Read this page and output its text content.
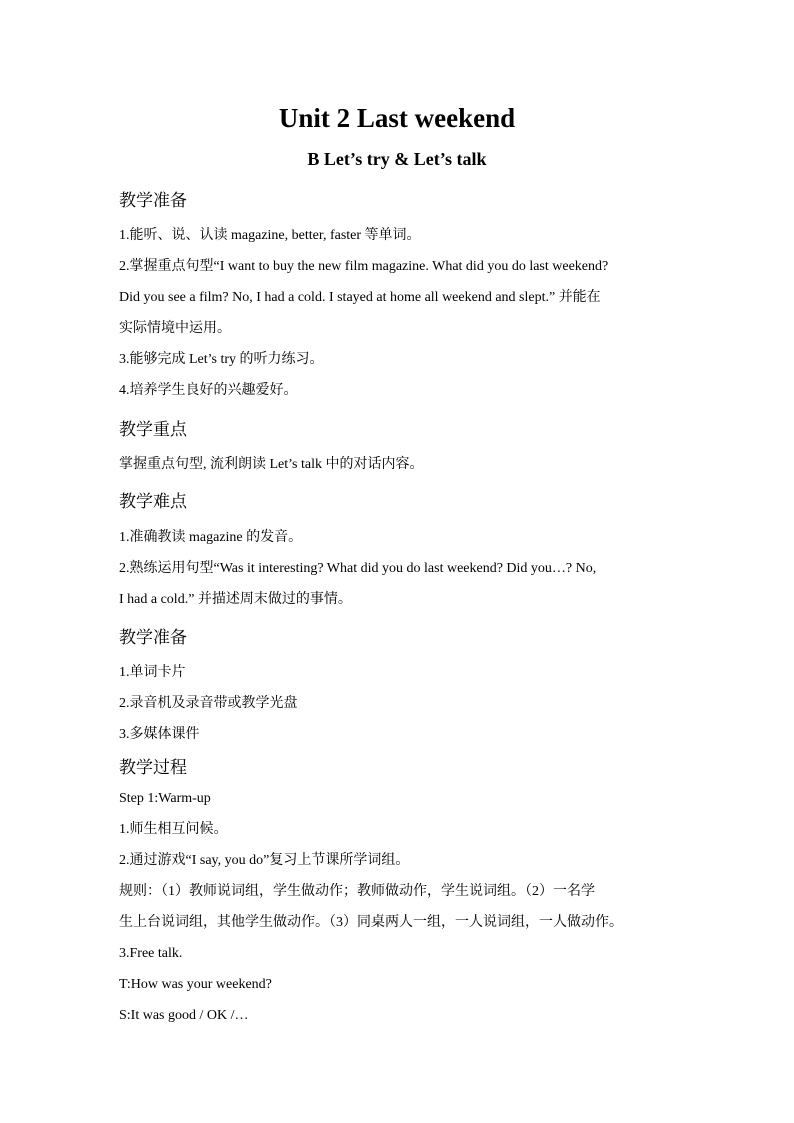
Unit 2 Last weekend
B Let’s try & Let’s talk
教学准备
1.能听、说、认读 magazine, better, faster 等单词。
2.掌握重点句型“I want to buy the new film magazine. What did you do last weekend?
Did you see a film? No, I had a cold. I stayed at home all weekend and slept.” 并能在
实际情境中运用。
3.能够完成 Let’s try 的听力练习。
4.培养学生良好的兴趣爱好。
教学重点
掌握重点句型, 流利朗读 Let’s talk 中的对话内容。
教学难点
1.准确教读 magazine 的发音。
2.熟练运用句型“Was it interesting? What did you do last weekend? Did you…? No,
I had a cold.” 并描述周末做过的事情。
教学准备
1.单词卡片
2.录音机及录音带或教学光盘
3.多媒体课件
教学过程
Step 1:Warm-up
1.师生相互问候。
2.通过游戏“I say, you do”复习上节课所学词组。
规则：（1）教师说词组，学生做动作；教师做动作，学生说词组。（2）一名学
生上台说词组，其他学生做动作。（3）同桌两人一组，一人说词组，一人做动作。
3.Free talk.
T:How was your weekend?
S:It was good / OK /…
